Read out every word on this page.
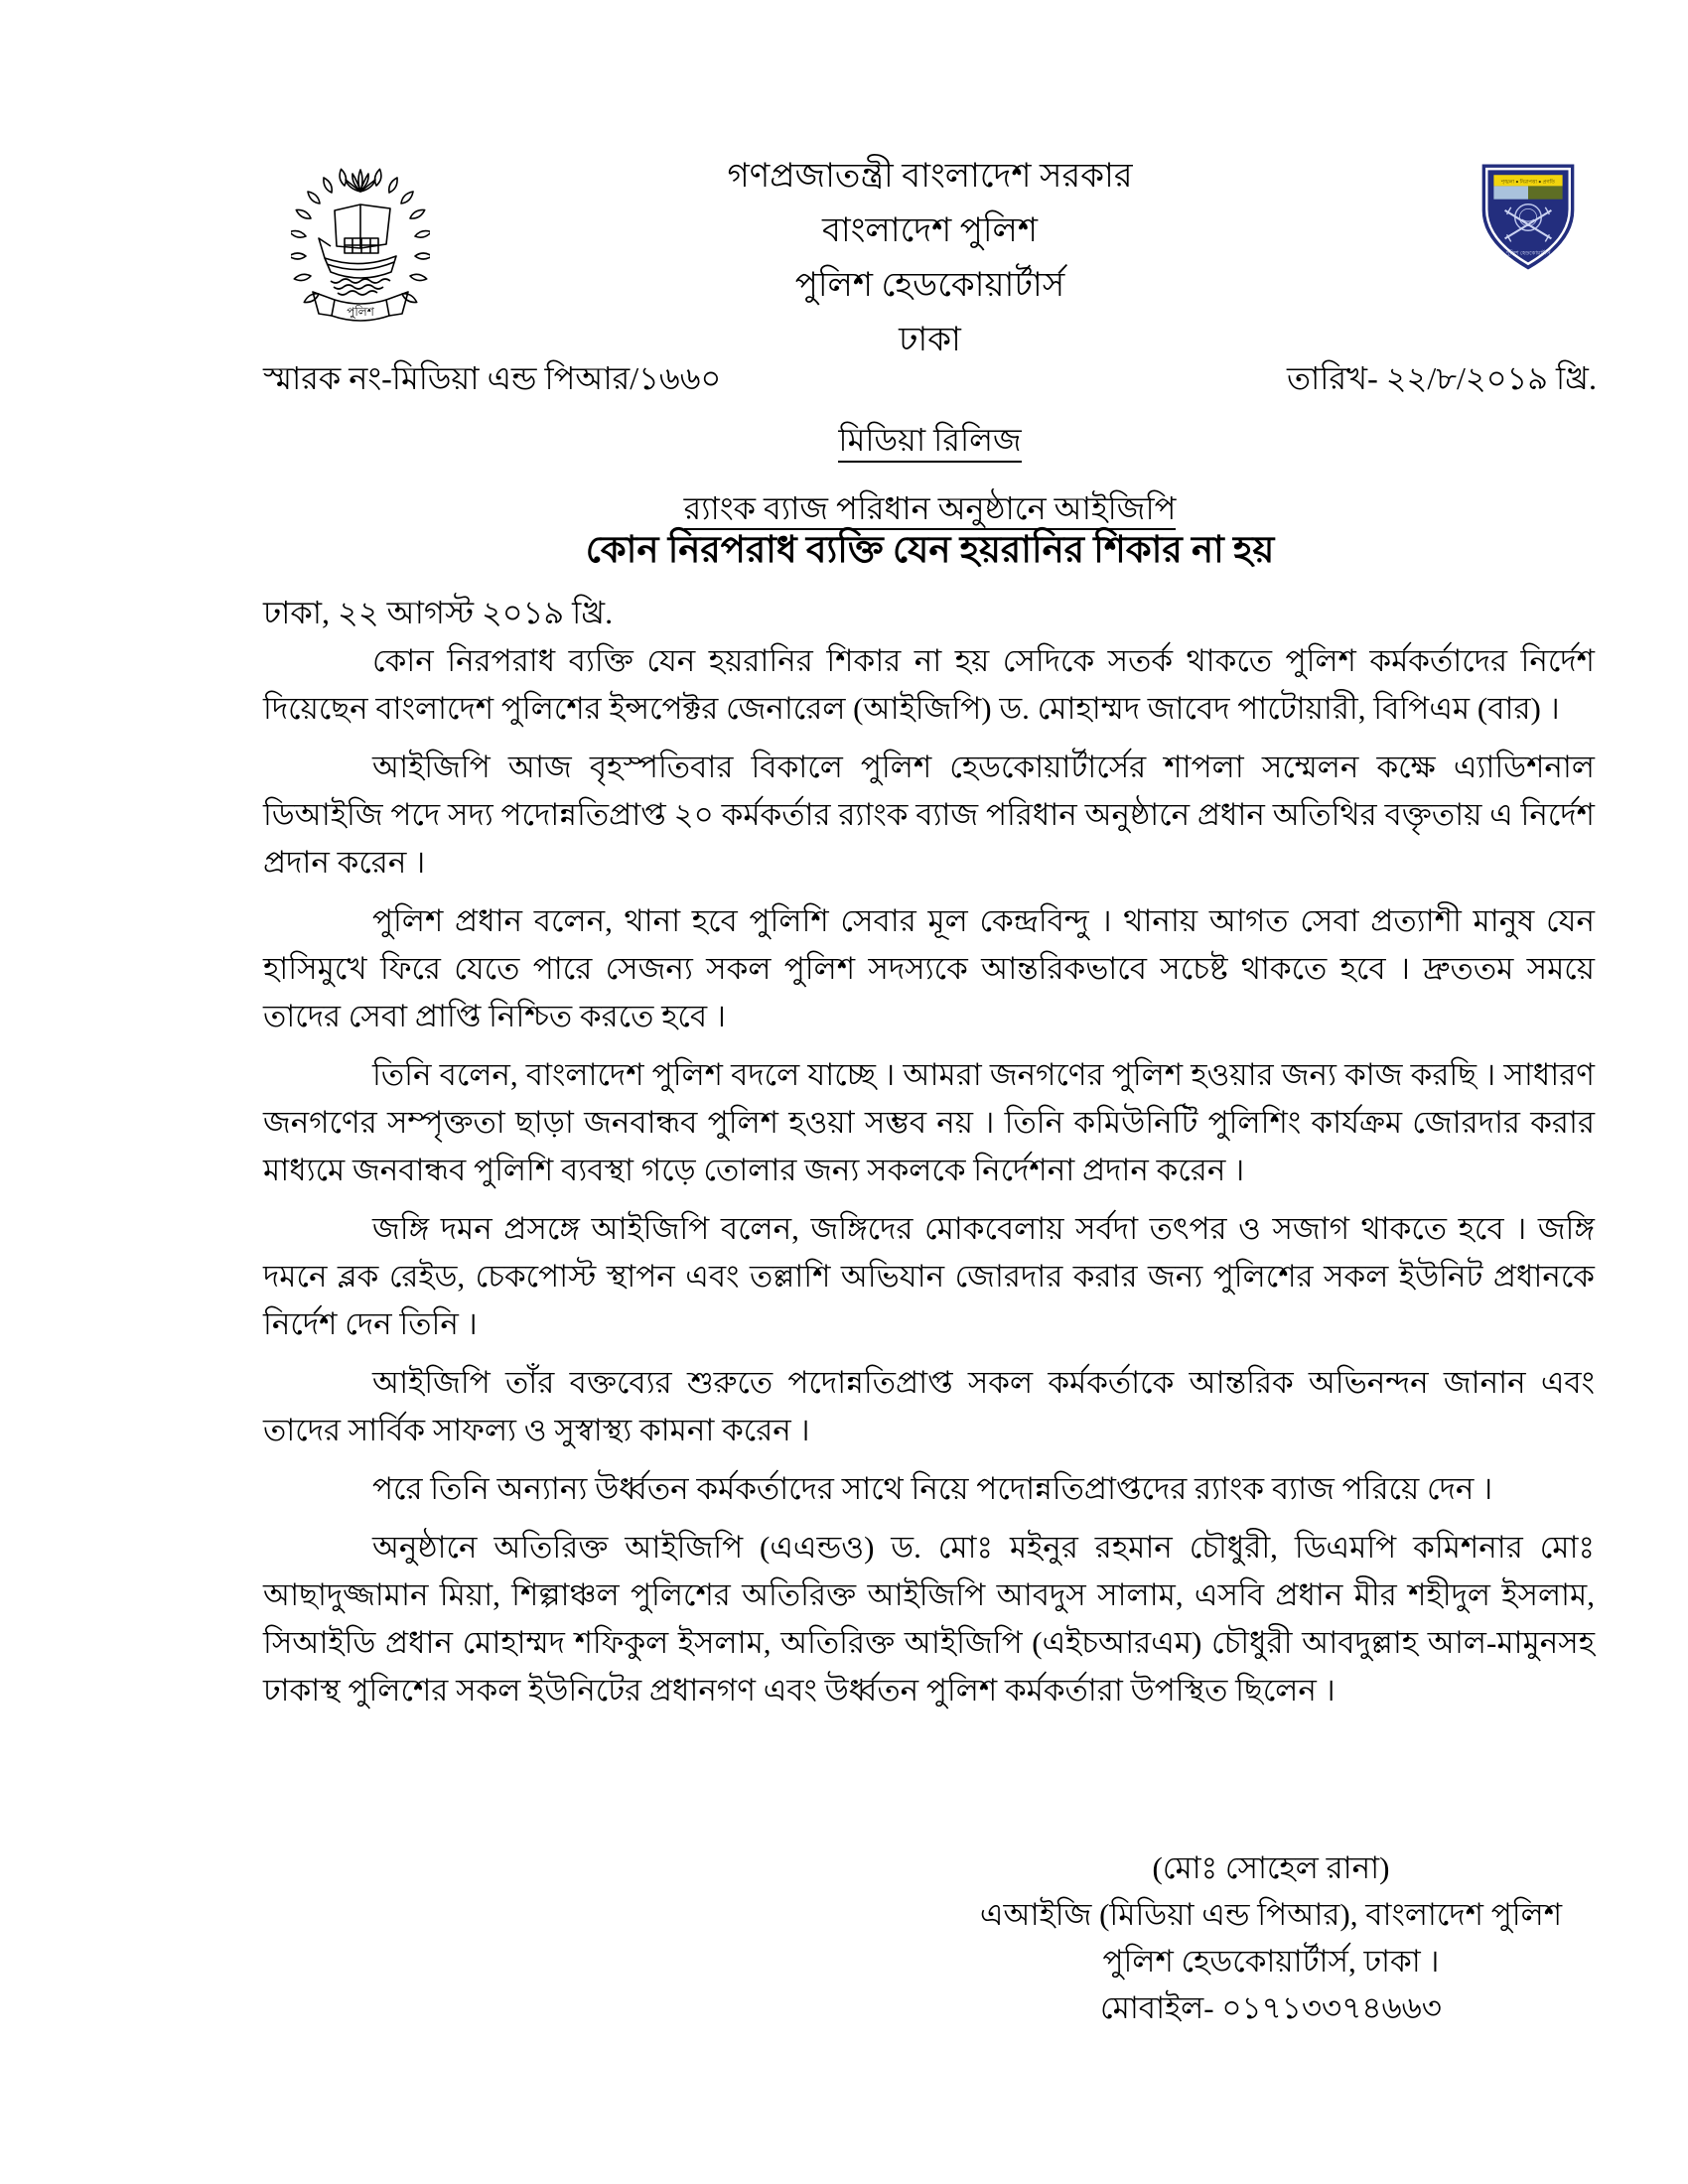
পুলিশ
গণপ্রজাতন্ত্রী বাংলাদেশ সরকার
বাংলাদেশ পুলিশ
পুলিশ হেডকোয়ার্টার্স
ঢাকা
শৃঙ্খলা ● নিরাপত্তা ● প্রগতি
পুলিশ হেডকোয়ার্টার্স
স্মারক নং-মিডিয়া এন্ড পিআর/১৬৬০	তারিখ- ২২/৮/২০১৯ খ্রি.
মিডিয়া রিলিজ
র‍্যাংক ব্যাজ পরিধান অনুষ্ঠানে আইজিপি
কোন নিরপরাধ ব্যক্তি যেন হয়রানির শিকার না হয়
ঢাকা, ২২ আগস্ট ২০১৯ খ্রি.

কোন নিরপরাধ ব্যক্তি যেন হয়রানির শিকার না হয় সেদিকে সতর্ক থাকতে পুলিশ কর্মকর্তাদের নির্দেশ দিয়েছেন বাংলাদেশ পুলিশের ইন্সপেক্টর জেনারেল (আইজিপি) ড. মোহাম্মদ জাবেদ পাটোয়ারী, বিপিএম (বার) ।

আইজিপি আজ বৃহস্পতিবার বিকালে পুলিশ হেডকোয়ার্টার্সের শাপলা সম্মেলন কক্ষে এ্যাডিশনাল ডিআইজি পদে সদ্য পদোন্নতিপ্রাপ্ত ২০ কর্মকর্তার র‍্যাংক ব্যাজ পরিধান অনুষ্ঠানে প্রধান অতিথির বক্তৃতায় এ নির্দেশ প্রদান করেন ।

পুলিশ প্রধান বলেন, থানা হবে পুলিশি সেবার মূল কেন্দ্রবিন্দু । থানায় আগত সেবা প্রত্যাশী মানুষ যেন হাসিমুখে ফিরে যেতে পারে সেজন্য সকল পুলিশ সদস্যকে আন্তরিকভাবে সচেষ্ট থাকতে হবে । দ্রুততম সময়ে তাদের সেবা প্রাপ্তি নিশ্চিত করতে হবে ।

তিনি বলেন, বাংলাদেশ পুলিশ বদলে যাচ্ছে । আমরা জনগণের পুলিশ হওয়ার জন্য কাজ করছি । সাধারণ জনগণের সম্পৃক্ততা ছাড়া জনবান্ধব পুলিশ হওয়া সম্ভব নয় । তিনি কমিউনিটি পুলিশিং কার্যক্রম জোরদার করার মাধ্যমে জনবান্ধব পুলিশি ব্যবস্থা গড়ে তোলার জন্য সকলকে নির্দেশনা প্রদান করেন ।

জঙ্গি দমন প্রসঙ্গে আইজিপি বলেন, জঙ্গিদের মোকবেলায় সর্বদা তৎপর ও সজাগ থাকতে হবে । জঙ্গি দমনে ব্লক রেইড, চেকপোস্ট স্থাপন এবং তল্লাশি অভিযান জোরদার করার জন্য পুলিশের সকল ইউনিট প্রধানকে নির্দেশ দেন তিনি ।

আইজিপি তাঁর বক্তব্যের শুরুতে পদোন্নতিপ্রাপ্ত সকল কর্মকর্তাকে আন্তরিক অভিনন্দন জানান এবং তাদের সার্বিক সাফল্য ও সুস্বাস্থ্য কামনা করেন ।

পরে তিনি অন্যান্য উর্ধ্বতন কর্মকর্তাদের সাথে নিয়ে পদোন্নতিপ্রাপ্তদের র‍্যাংক ব্যাজ পরিয়ে দেন ।

অনুষ্ঠানে অতিরিক্ত আইজিপি (এএন্ডও) ড. মোঃ মইনুর রহমান চৌধুরী, ডিএমপি কমিশনার মোঃ আছাদুজ্জামান মিয়া, শিল্পাঞ্চল পুলিশের অতিরিক্ত আইজিপি আবদুস সালাম, এসবি প্রধান মীর শহীদুল ইসলাম, সিআইডি প্রধান মোহাম্মদ শফিকুল ইসলাম, অতিরিক্ত আইজিপি (এইচআরএম) চৌধুরী আবদুল্লাহ আল-মামুনসহ ঢাকাস্থ পুলিশের সকল ইউনিটের প্রধানগণ এবং উর্ধ্বতন পুলিশ কর্মকর্তারা উপস্থিত ছিলেন ।

(মোঃ সোহেল রানা)
এআইজি (মিডিয়া এন্ড পিআর), বাংলাদেশ পুলিশ
পুলিশ হেডকোয়ার্টার্স, ঢাকা ।
মোবাইল- ০১৭১৩৩৭৪৬৬৩
